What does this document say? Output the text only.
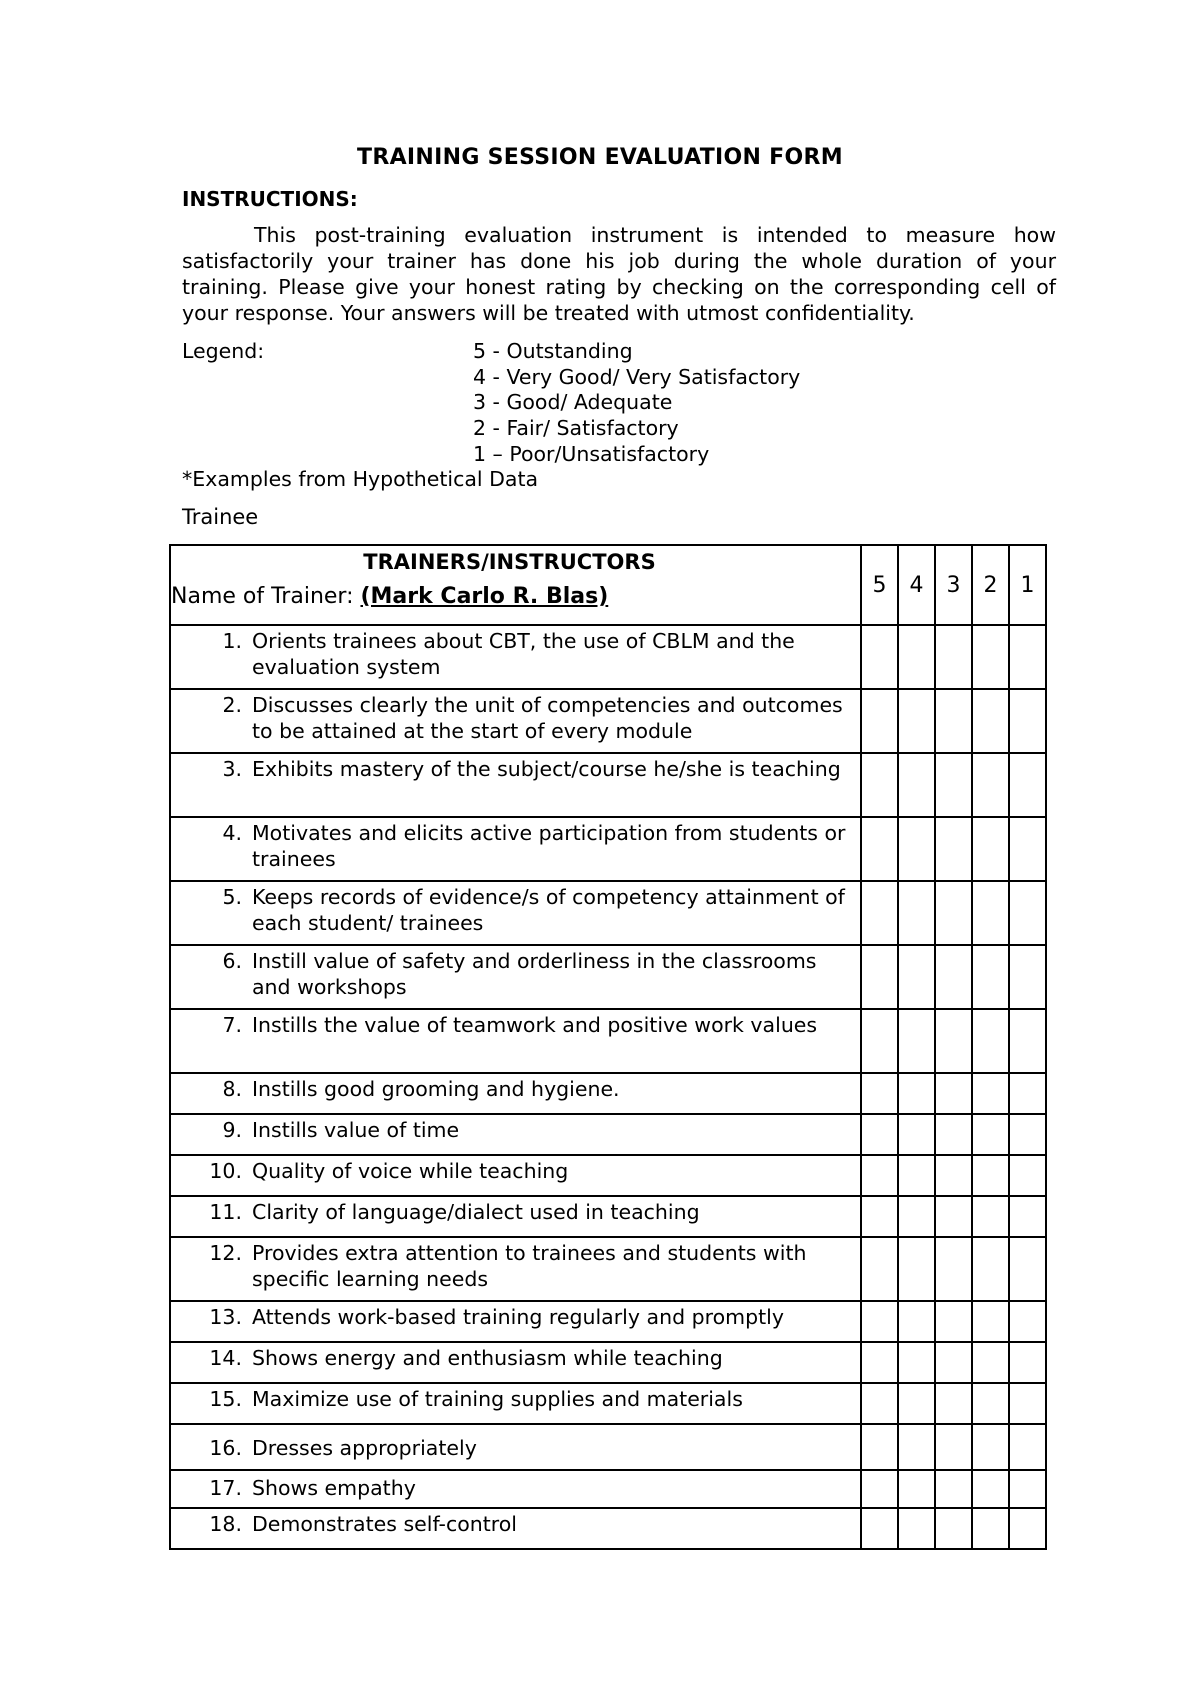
TRAINING SESSION EVALUATION FORM
INSTRUCTIONS:
This post-training evaluation instrument is intended to measure how satisfactorily your trainer has done his job during the whole duration of your training. Please give your honest rating by checking on the corresponding cell of your response. Your answers will be treated with utmost confidentiality.
Legend:	5 - Outstanding
4 - Very Good/ Very Satisfactory
3 - Good/ Adequate
2 - Fair/ Satisfactory
1 – Poor/Unsatisfactory
*Examples from Hypothetical Data
Trainee
TRAINERS/INSTRUCTORS
Name of Trainer: (Mark Carlo R. Blas)	5	4	3	2	1

1. Orients trainees about CBT, the use of CBLM and the evaluation system					

2. Discusses clearly the unit of competencies and outcomes to be attained at the start of every module					

3. Exhibits mastery of the subject/course he/she is teaching					

4. Motivates and elicits active participation from students or trainees					

5. Keeps records of evidence/s of competency attainment of each student/ trainees					

6. Instill value of safety and orderliness in the classrooms and workshops					

7. Instills the value of teamwork and positive work values					

8. Instills good grooming and hygiene.					

9. Instills value of time					

10. Quality of voice while teaching					

11. Clarity of language/dialect used in teaching					

12. Provides extra attention to trainees and students with specific learning needs					

13. Attends work-based training regularly and promptly					

14. Shows energy and enthusiasm while teaching					

15. Maximize use of training supplies and materials					

16. Dresses appropriately					

17. Shows empathy					

18. Demonstrates self-control					
